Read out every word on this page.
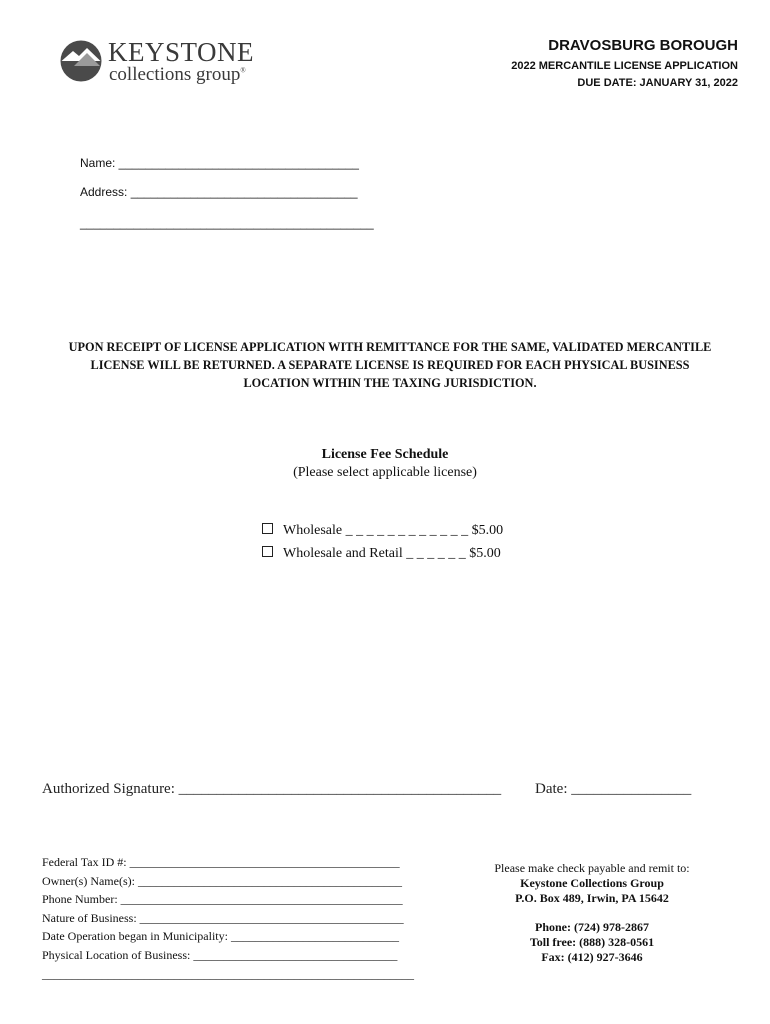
KEYSTONE
collections group®
DRAVOSBURG BOROUGH
2022 MERCANTILE LICENSE APPLICATION
DUE DATE: JANUARY 31, 2022
Name: ____________________________________
Address: __________________________________
____________________________________________
UPON RECEIPT OF LICENSE APPLICATION WITH REMITTANCE FOR THE SAME, VALIDATED MERCANTILE LICENSE WILL BE RETURNED. A SEPARATE LICENSE IS REQUIRED FOR EACH PHYSICAL BUSINESS LOCATION WITHIN THE TAXING JURISDICTION.
License Fee Schedule
(Please select applicable license)
Wholesale _ _ _ _ _ _ _ _ _ _ _ _ $5.00
Wholesale and Retail _ _ _ _ _ _ $5.00
Authorized Signature: ___________________________________________ Date: ________________
Federal Tax ID #: _____________________________________________
Owner(s) Name(s): ____________________________________________
Phone Number: _______________________________________________
Nature of Business: ____________________________________________
Date Operation began in Municipality: ____________________________
Physical Location of Business: __________________________________
______________________________________________________________
Please make check payable and remit to:
Keystone Collections Group
P.O. Box 489, Irwin, PA 15642
Phone: (724) 978-2867
Toll free: (888) 328-0561
Fax: (412) 927-3646
